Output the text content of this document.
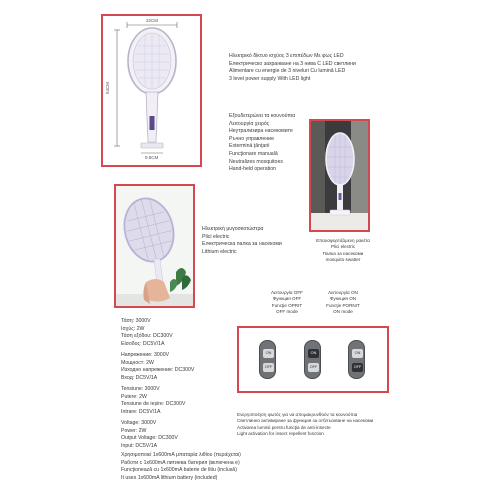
22CM
54CM
9.5CM
Ηλεκτρικό δίκτυο ισχύος 3 επιπέδων Με φως LED
Електрическо захранване на 3 нива С LED светлини
Alimentare cu energie de 3 niveluri Cu lumină LED
3 level power supply With LED light
Εξουδετερώνει τα κουνούπια
Λειτουργία χειρός
Неутрализира насекомите
Ръчно управление
Exterminǎ ţânţarii
Funcţionare manuală
Neutralizes mosquitoes
Hand-held operation
Επαναφορτιζόμενη ρακέτα
Plici electric
Палка за насекоми
mosquito swatter
Ηλεκτρική μυγοσκοτώστρα
Plici electric
Електрическа палка за насекоми
Lithium electric
Λειτουργία OFF
Функция OFF
Funcţie OPRIT
OFF mode
Λειτουργία ON
Функция ON
Funcţie PORNIT
ON mode
ON
OFF
ON
OFF
ON
OFF
Τάση: 3000V
Ισχύς: 2W
Τάση εξόδου: DC300V
Είσοδος: DC5V/1A
Напрежение: 3000V
Мощност: 2W
Изходно напрежение: DC300V
Вход: DC5V/1A
Tensiune: 3000V
Putere: 2W
Tensiune de ieșire: DC300V
Intrare: DC5V/1A
Voltage: 3000V
Power: 2W
Output Voltage: DC300V
Input: DC5V/1A
Ενεργοποίηση φωτός για να απομακρυνθούν τα κουνούπια
Светлинно активиране за функция за отблъскване на насекоми
Activarea luminii pentru funcţia de anti-insecte
Light activation for insect repellent function
Χρησιμοποιεί 1x600mA μπαταρία λιθίου (περιέχεται)
Работи с 1x600mA литиева батерия (включена е)
Funcţionează cu 1x600mA baterie de litiu (inclusă)
It uses 1x600mA lithium battery (included)
